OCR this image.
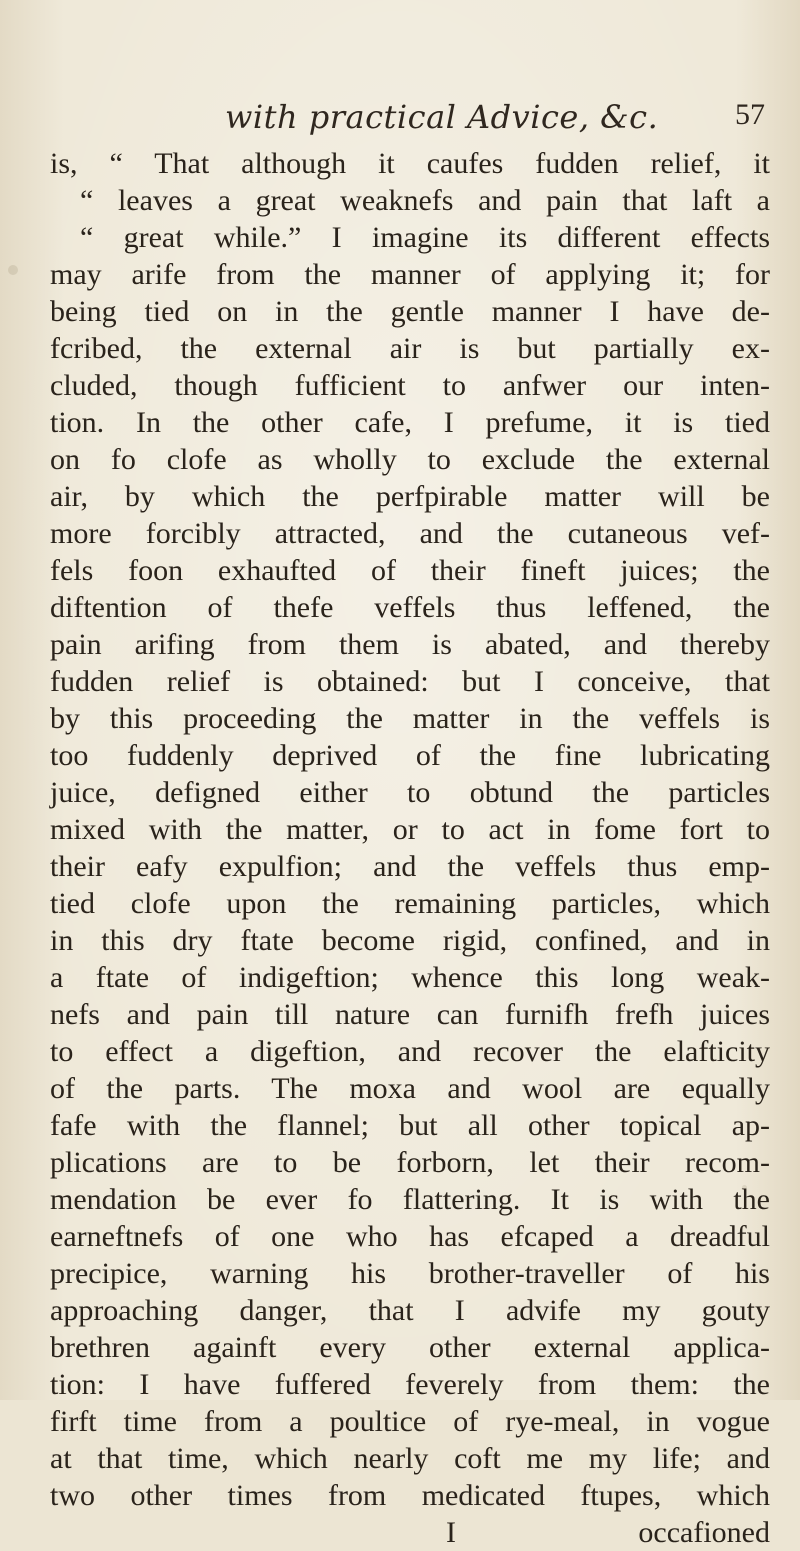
with practical Advice, &c.	57
is, “ That although it caufes fudden relief, it
“ leaves a great weaknefs and pain that laft a
“ great while.” I imagine its different effects
may arife from the manner of applying it; for
being tied on in the gentle manner I have de-
fcribed, the external air is but partially ex-
cluded, though fufficient to anfwer our inten-
tion. In the other cafe, I prefume, it is tied
on fo clofe as wholly to exclude the external
air, by which the perfpirable matter will be
more forcibly attracted, and the cutaneous vef-
fels foon exhaufted of their fineft juices; the
diftention of thefe veffels thus leffened, the
pain arifing from them is abated, and thereby
fudden relief is obtained: but I conceive, that
by this proceeding the matter in the veffels is
too fuddenly deprived of the fine lubricating
juice, defigned either to obtund the particles
mixed with the matter, or to act in fome fort to
their eafy expulfion; and the veffels thus emp-
tied clofe upon the remaining particles, which
in this dry ftate become rigid, confined, and in
a ftate of indigeftion; whence this long weak-
nefs and pain till nature can furnifh frefh juices
to effect a digeftion, and recover the elafticity
of the parts. The moxa and wool are equally
fafe with the flannel; but all other topical ap-
plications are to be forborn, let their recom-
mendation be ever fo flattering. It is with the
earneftnefs of one who has efcaped a dreadful
precipice, warning his brother-traveller of his
approaching danger, that I advife my gouty
brethren againft every other external applica-
tion: I have fuffered feverely from them: the
firft time from a poultice of rye-meal, in vogue
at that time, which nearly coft me my life; and
two other times from medicated ftupes, which
I	occafioned
